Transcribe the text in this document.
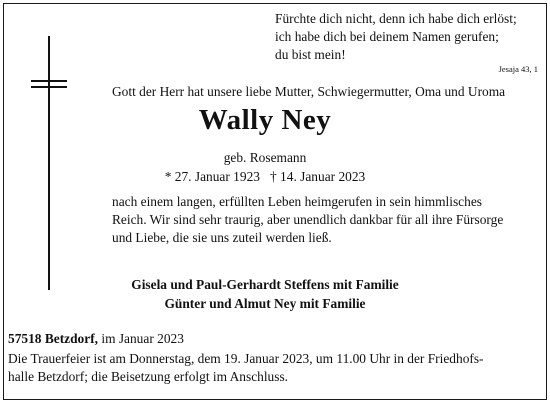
Fürchte dich nicht, denn ich habe dich erlöst;
ich habe dich bei deinem Namen gerufen;
du bist mein!
Jesaja 43, 1
Gott der Herr hat unsere liebe Mutter, Schwiegermutter, Oma und Uroma
Wally Ney
geb. Rosemann
* 27. Januar 1923 † 14. Januar 2023
nach einem langen, erfüllten Leben heimgerufen in sein himmlisches
Reich. Wir sind sehr traurig, aber unendlich dankbar für all ihre Fürsorge
und Liebe, die sie uns zuteil werden ließ.
Gisela und Paul-Gerhardt Steffens mit Familie
Günter und Almut Ney mit Familie
57518 Betzdorf, im Januar 2023
Die Trauerfeier ist am Donnerstag, dem 19. Januar 2023, um 11.00 Uhr in der Friedhofs-
halle Betzdorf; die Beisetzung erfolgt im Anschluss.
